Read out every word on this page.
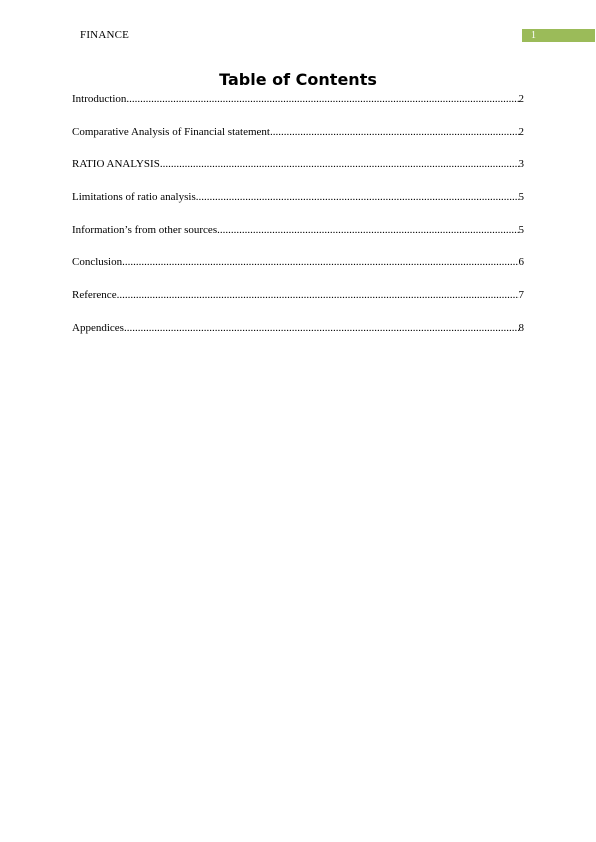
FINANCE	1
Table of Contents
Introduction .....	2
Comparative Analysis of Financial statement .....	2
RATIO ANALYSIS .....	3
Limitations of ratio analysis .....	5
Information’s from other sources .....	5
Conclusion .....	6
Reference .....	7
Appendices .....	8
